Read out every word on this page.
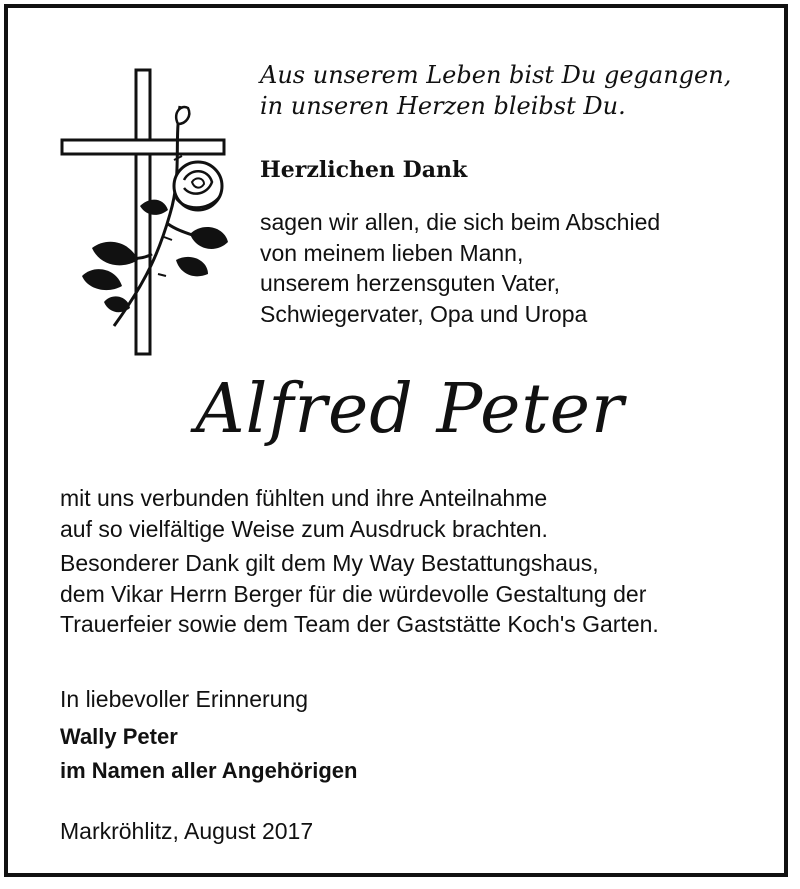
Aus unserem Leben bist Du gegangen,
in unseren Herzen bleibst Du.
Herzlichen Dank
sagen wir allen, die sich beim Abschied
von meinem lieben Mann,
unserem herzensguten Vater,
Schwiegervater, Opa und Uropa
Alfred Peter
mit uns verbunden fühlten und ihre Anteilnahme
auf so vielfältige Weise zum Ausdruck brachten.
Besonderer Dank gilt dem My Way Bestattungshaus,
dem Vikar Herrn Berger für die würdevolle Gestaltung der
Trauerfeier sowie dem Team der Gaststätte Koch's Garten.
In liebevoller Erinnerung
Wally Peter
im Namen aller Angehörigen
Markröhlitz, August 2017
